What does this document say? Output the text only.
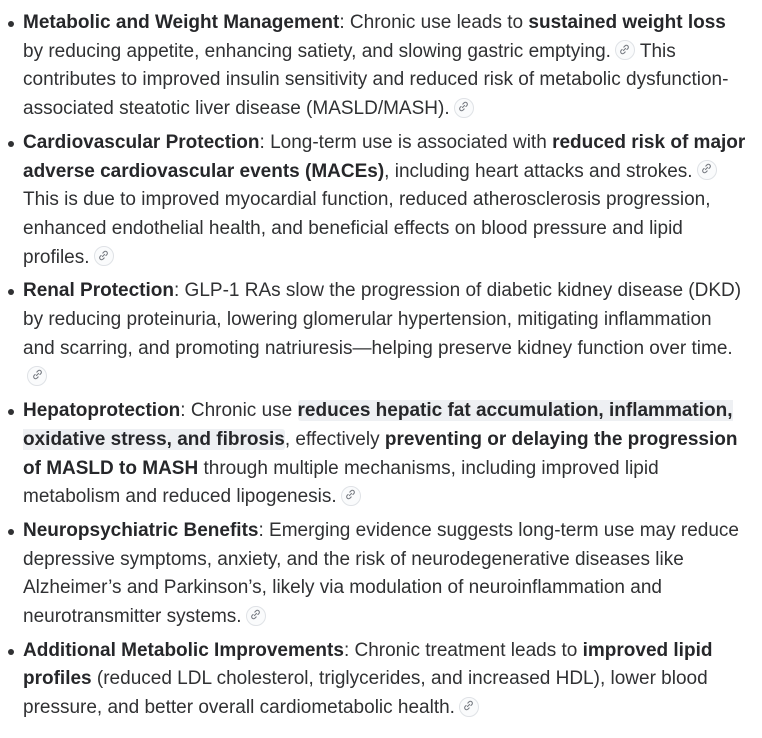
Metabolic and Weight Management: Chronic use leads to sustained weight loss by reducing appetite, enhancing satiety, and slowing gastric emptying. This contributes to improved insulin sensitivity and reduced risk of metabolic dysfunction-associated steatotic liver disease (MASLD/MASH).
Cardiovascular Protection: Long-term use is associated with reduced risk of major adverse cardiovascular events (MACEs), including heart attacks and strokes. This is due to improved myocardial function, reduced atherosclerosis progression, enhanced endothelial health, and beneficial effects on blood pressure and lipid profiles.
Renal Protection: GLP-1 RAs slow the progression of diabetic kidney disease (DKD) by reducing proteinuria, lowering glomerular hypertension, mitigating inflammation and scarring, and promoting natriuresis—helping preserve kidney function over time.
Hepatoprotection: Chronic use reduces hepatic fat accumulation, inflammation, oxidative stress, and fibrosis, effectively preventing or delaying the progression of MASLD to MASH through multiple mechanisms, including improved lipid metabolism and reduced lipogenesis.
Neuropsychiatric Benefits: Emerging evidence suggests long-term use may reduce depressive symptoms, anxiety, and the risk of neurodegenerative diseases like Alzheimer’s and Parkinson’s, likely via modulation of neuroinflammation and neurotransmitter systems.
Additional Metabolic Improvements: Chronic treatment leads to improved lipid profiles (reduced LDL cholesterol, triglycerides, and increased HDL), lower blood pressure, and better overall cardiometabolic health.
